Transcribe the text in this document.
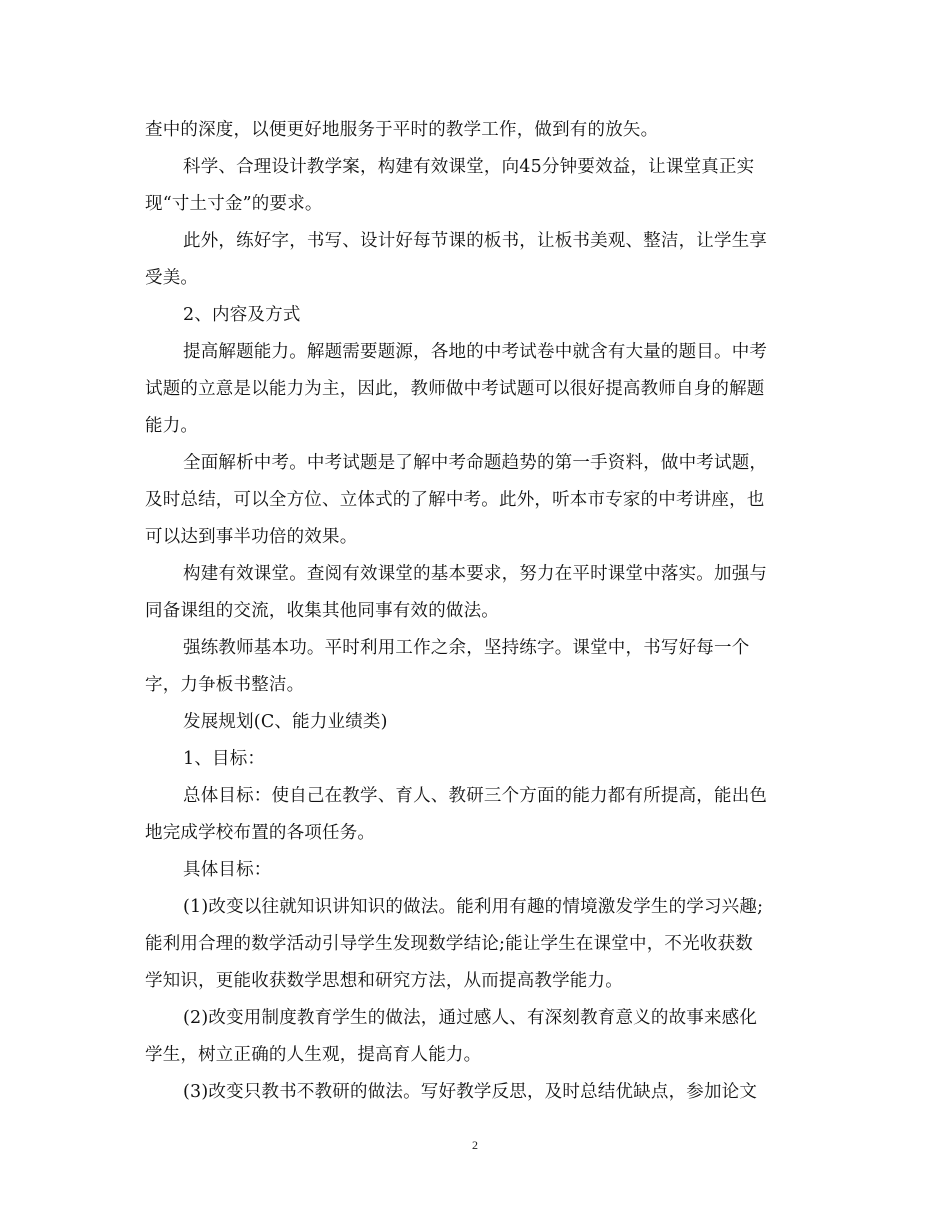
查中的深度，以便更好地服务于平时的教学工作，做到有的放矢。

科学、合理设计教学案，构建有效课堂，向45分钟要效益，让课堂真正实
现“寸土寸金”的要求。

此外，练好字，书写、设计好每节课的板书，让板书美观、整洁，让学生享
受美。

2、内容及方式

提高解题能力。解题需要题源，各地的中考试卷中就含有大量的题目。中考
试题的立意是以能力为主，因此，教师做中考试题可以很好提高教师自身的解题
能力。

全面解析中考。中考试题是了解中考命题趋势的第一手资料，做中考试题，
及时总结，可以全方位、立体式的了解中考。此外，听本市专家的中考讲座，也
可以达到事半功倍的效果。

构建有效课堂。查阅有效课堂的基本要求，努力在平时课堂中落实。加强与
同备课组的交流，收集其他同事有效的做法。

强练教师基本功。平时利用工作之余，坚持练字。课堂中，书写好每一个
字，力争板书整洁。

发展规划(C、能力业绩类)

1、目标：

总体目标：使自己在教学、育人、教研三个方面的能力都有所提高，能出色
地完成学校布置的各项任务。

具体目标：

(1)改变以往就知识讲知识的做法。能利用有趣的情境激发学生的学习兴趣;
能利用合理的数学活动引导学生发现数学结论;能让学生在课堂中，不光收获数
学知识，更能收获数学思想和研究方法，从而提高教学能力。

(2)改变用制度教育学生的做法，通过感人、有深刻教育意义的故事来感化
学生，树立正确的人生观，提高育人能力。

(3)改变只教书不教研的做法。写好教学反思，及时总结优缺点，参加论文

2
